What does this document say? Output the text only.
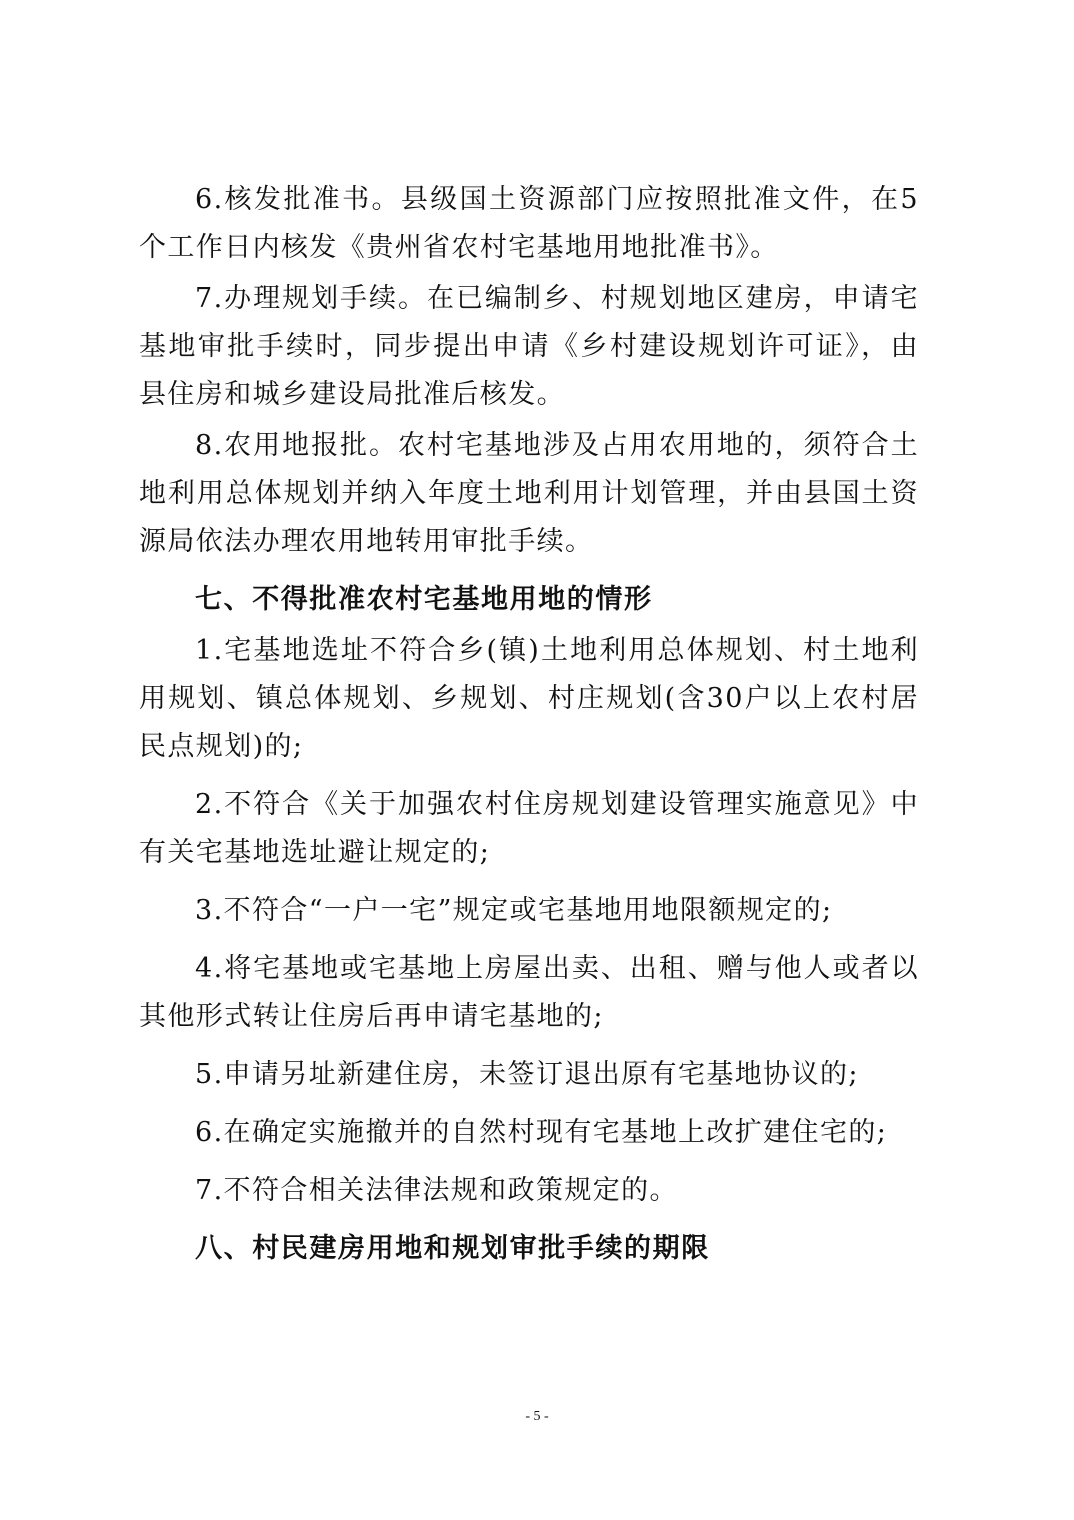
6.核发批准书。县级国土资源部门应按照批准文件，在5个工作日内核发《贵州省农村宅基地用地批准书》。

7.办理规划手续。在已编制乡、村规划地区建房，申请宅基地审批手续时，同步提出申请《乡村建设规划许可证》，由县住房和城乡建设局批准后核发。

8.农用地报批。农村宅基地涉及占用农用地的，须符合土地利用总体规划并纳入年度土地利用计划管理，并由县国土资源局依法办理农用地转用审批手续。

七、不得批准农村宅基地用地的情形

1.宅基地选址不符合乡(镇)土地利用总体规划、村土地利用规划、镇总体规划、乡规划、村庄规划(含30户以上农村居民点规划)的;

2.不符合《关于加强农村住房规划建设管理实施意见》中有关宅基地选址避让规定的;

3.不符合“一户一宅”规定或宅基地用地限额规定的;

4.将宅基地或宅基地上房屋出卖、出租、赠与他人或者以其他形式转让住房后再申请宅基地的;

5.申请另址新建住房，未签订退出原有宅基地协议的;

6.在确定实施撤并的自然村现有宅基地上改扩建住宅的;

7.不符合相关法律法规和政策规定的。

八、村民建房用地和规划审批手续的期限
- 5 -
